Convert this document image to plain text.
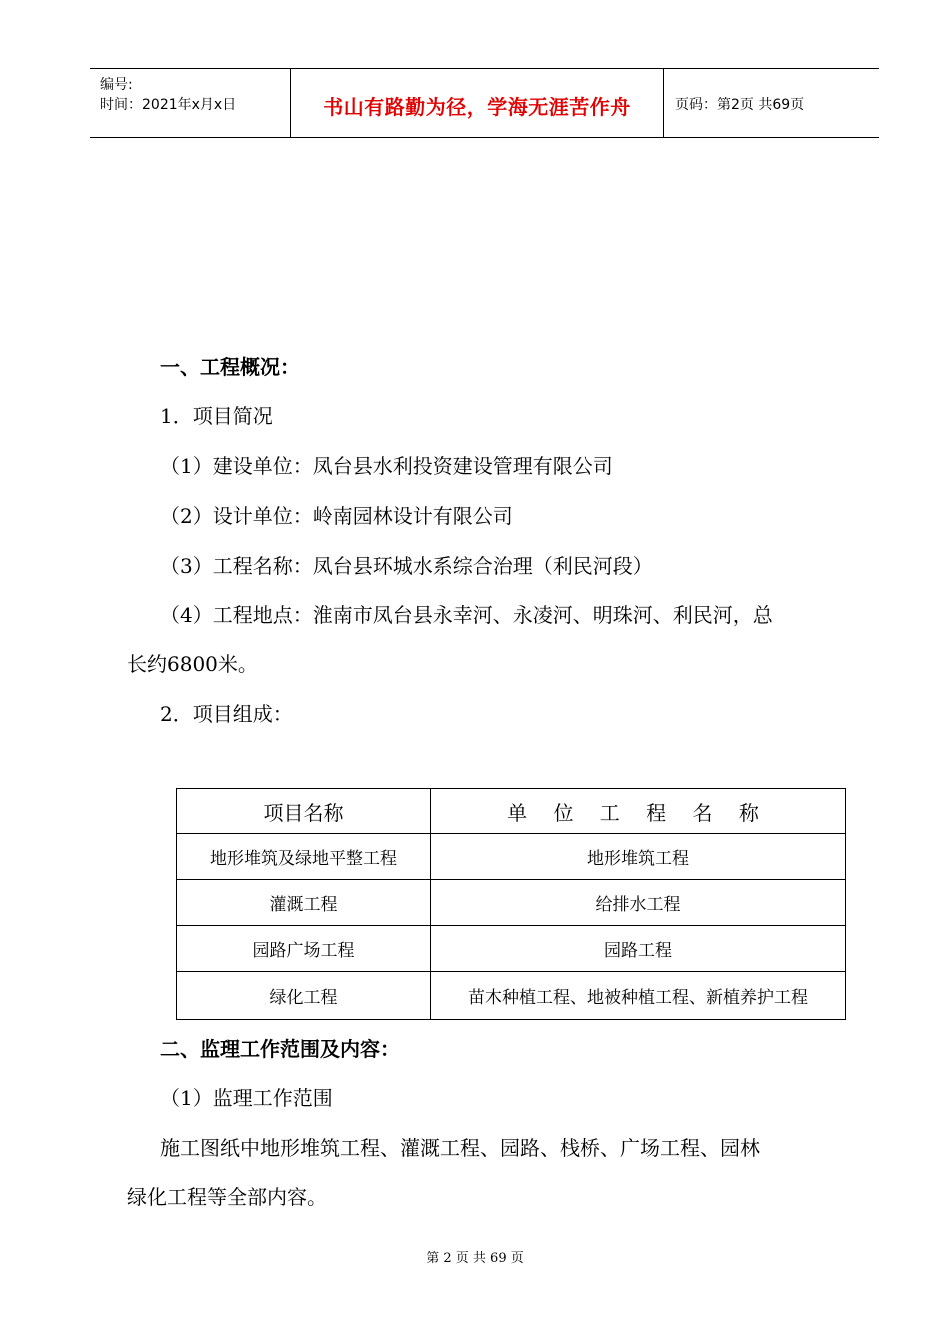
编号:
时间：2021年x月x日	书山有路勤为径，学海无涯苦作舟	页码：第2页 共69页
一、工程概况：
1．项目简况
（1）建设单位：凤台县水利投资建设管理有限公司
（2）设计单位：岭南园林设计有限公司
（3）工程名称：凤台县环城水系综合治理（利民河段）
（4）工程地点：淮南市凤台县永幸河、永凌河、明珠河、利民河，总
长约6800米。
2．项目组成：
项目名称	单 位 工 程 名 称
地形堆筑及绿地平整工程	地形堆筑工程
灌溉工程	给排水工程
园路广场工程	园路工程
绿化工程	苗木种植工程、地被种植工程、新植养护工程
二、监理工作范围及内容：
（1）监理工作范围
施工图纸中地形堆筑工程、灌溉工程、园路、栈桥、广场工程、园林
绿化工程等全部内容。
第 2 页 共 69 页
